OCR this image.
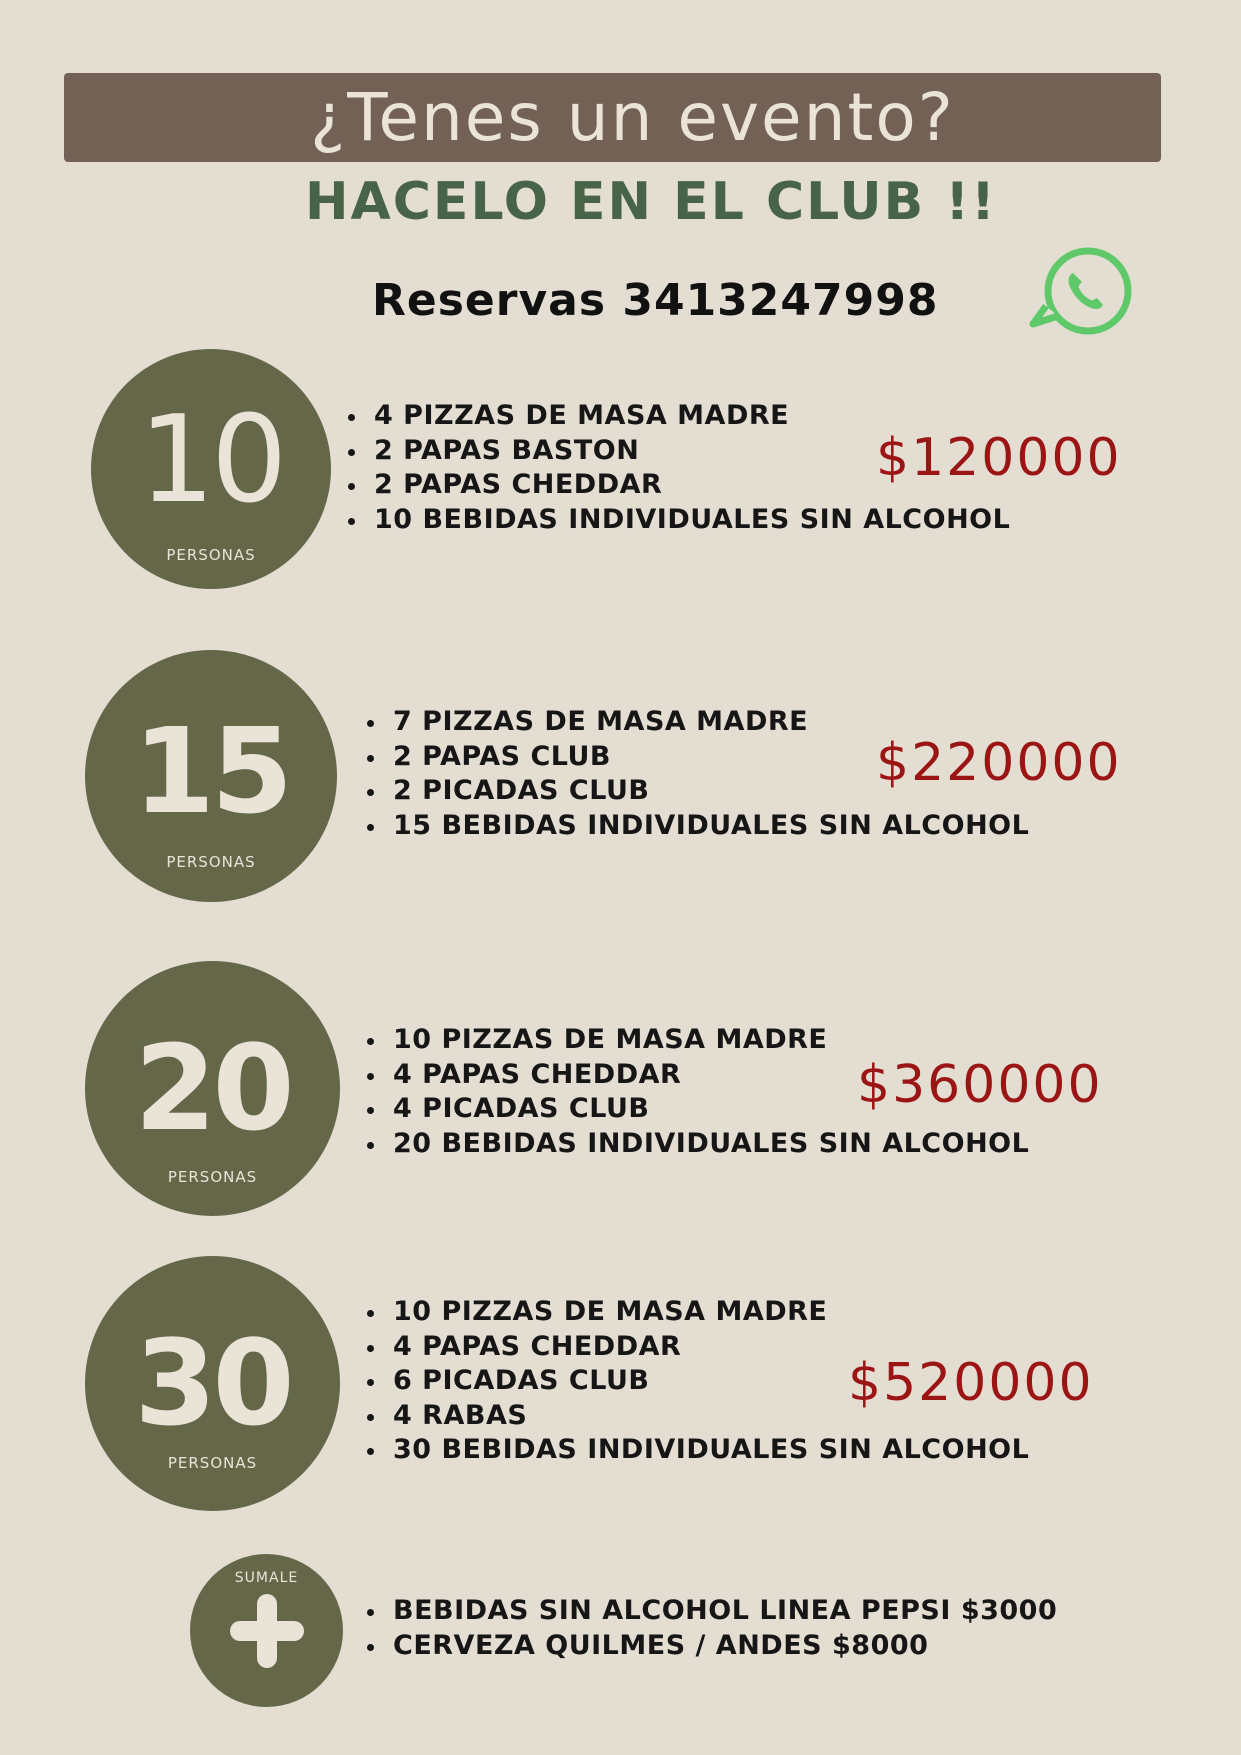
¿Tenes un evento?
HACELO EN EL CLUB !!
Reservas 3413247998
10
PERSONAS
4 PIZZAS DE MASA MADRE
2 PAPAS BASTON
2 PAPAS CHEDDAR
10 BEBIDAS INDIVIDUALES SIN ALCOHOL
$120000
15
PERSONAS
7 PIZZAS DE MASA MADRE
2 PAPAS CLUB
2 PICADAS CLUB
15 BEBIDAS INDIVIDUALES SIN ALCOHOL
$220000
20
PERSONAS
10 PIZZAS DE MASA MADRE
4 PAPAS CHEDDAR
4 PICADAS CLUB
20 BEBIDAS INDIVIDUALES SIN ALCOHOL
$360000
30
PERSONAS
10 PIZZAS DE MASA MADRE
4 PAPAS CHEDDAR
6 PICADAS CLUB
4 RABAS
30 BEBIDAS INDIVIDUALES SIN ALCOHOL
$520000
SUMALE
BEBIDAS SIN ALCOHOL LINEA PEPSI $3000
CERVEZA QUILMES / ANDES $8000
